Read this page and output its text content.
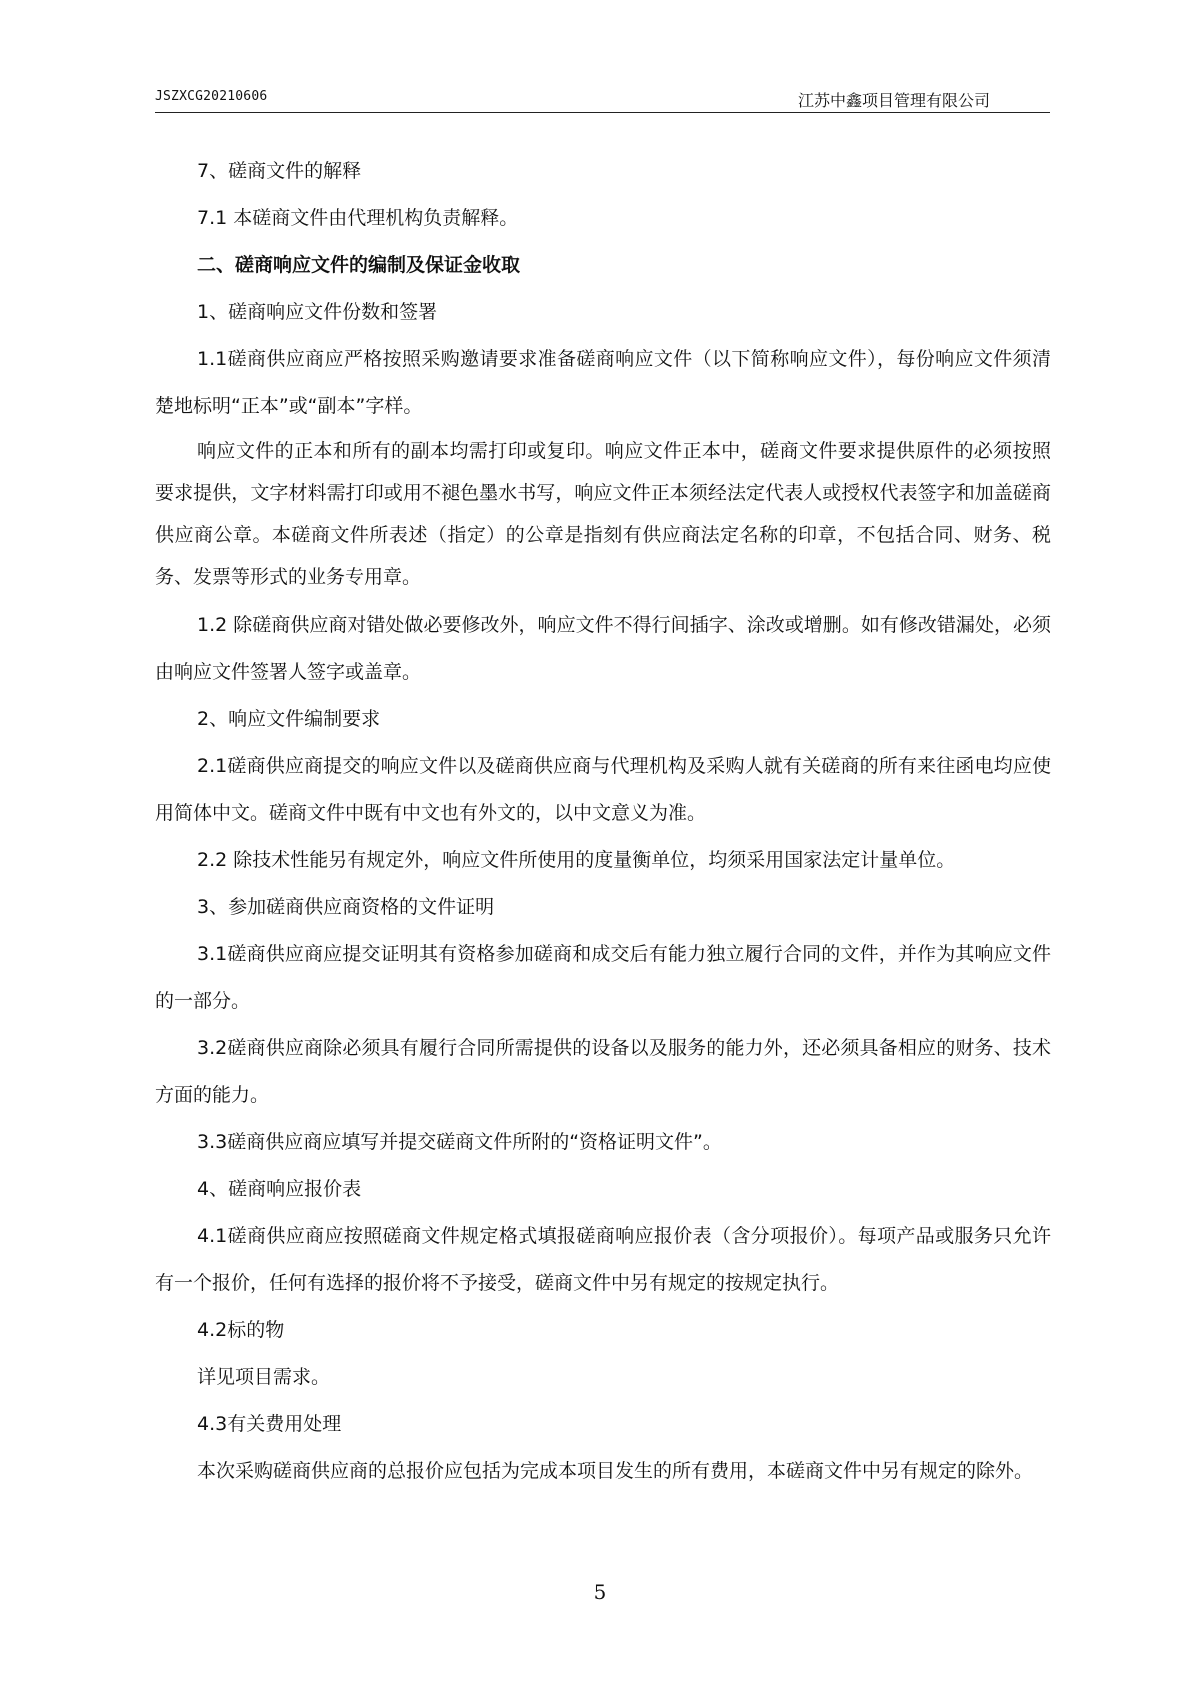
JSZXCG20210606	江苏中鑫项目管理有限公司

7、磋商文件的解释

7.1 本磋商文件由代理机构负责解释。

二、磋商响应文件的编制及保证金收取

1、磋商响应文件份数和签署

1.1磋商供应商应严格按照采购邀请要求准备磋商响应文件（以下简称响应文件），每份响应文件须清楚地标明“正本”或“副本”字样。

响应文件的正本和所有的副本均需打印或复印。响应文件正本中，磋商文件要求提供原件的必须按照要求提供，文字材料需打印或用不褪色墨水书写，响应文件正本须经法定代表人或授权代表签字和加盖磋商供应商公章。本磋商文件所表述（指定）的公章是指刻有供应商法定名称的印章，不包括合同、财务、税务、发票等形式的业务专用章。

1.2 除磋商供应商对错处做必要修改外，响应文件不得行间插字、涂改或增删。如有修改错漏处，必须由响应文件签署人签字或盖章。

2、响应文件编制要求

2.1磋商供应商提交的响应文件以及磋商供应商与代理机构及采购人就有关磋商的所有来往函电均应使用简体中文。磋商文件中既有中文也有外文的，以中文意义为准。

2.2 除技术性能另有规定外，响应文件所使用的度量衡单位，均须采用国家法定计量单位。

3、参加磋商供应商资格的文件证明

3.1磋商供应商应提交证明其有资格参加磋商和成交后有能力独立履行合同的文件，并作为其响应文件的一部分。

3.2磋商供应商除必须具有履行合同所需提供的设备以及服务的能力外，还必须具备相应的财务、技术方面的能力。

3.3磋商供应商应填写并提交磋商文件所附的“资格证明文件”。

4、磋商响应报价表

4.1磋商供应商应按照磋商文件规定格式填报磋商响应报价表（含分项报价）。每项产品或服务只允许有一个报价，任何有选择的报价将不予接受，磋商文件中另有规定的按规定执行。

4.2标的物

详见项目需求。

4.3有关费用处理

本次采购磋商供应商的总报价应包括为完成本项目发生的所有费用，本磋商文件中另有规定的除外。

5
